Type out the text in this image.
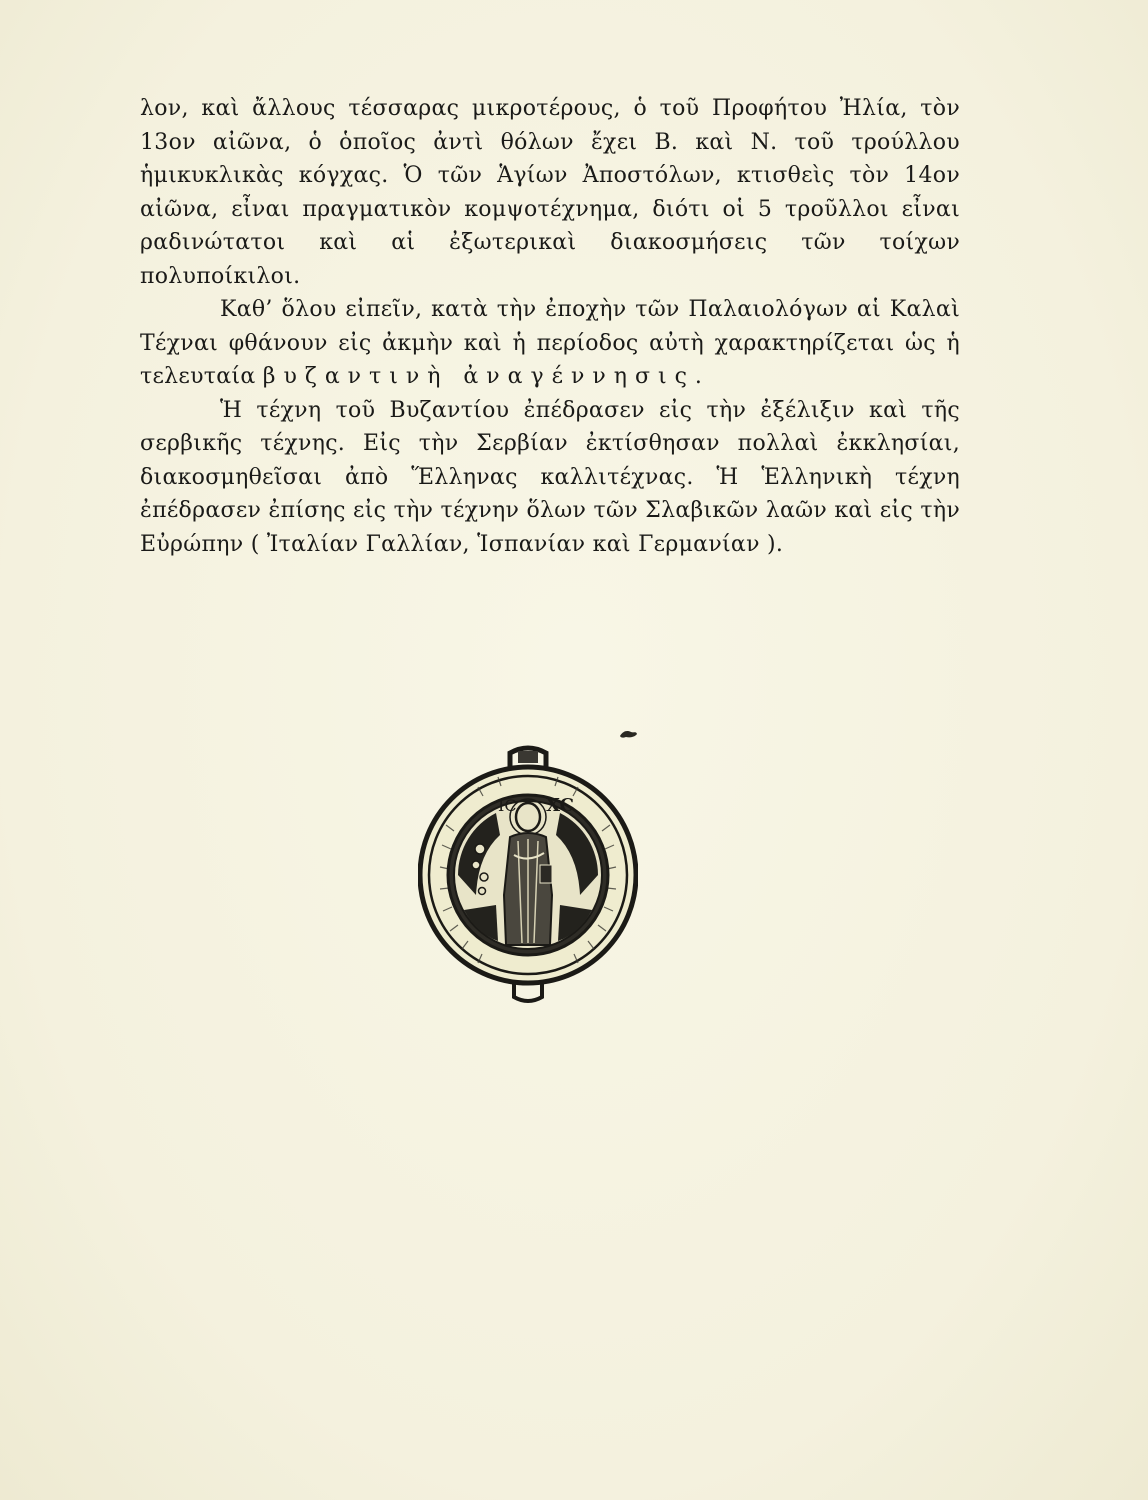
λον, καὶ ἄλλους τέσσαρας μικροτέρους, ὁ τοῦ Προφήτου Ἠλία, τὸν 13ον αἰῶνα, ὁ ὁποῖος ἀντὶ θόλων ἔχει Β. καὶ Ν. τοῦ τρούλλου ἡμικυκλικὰς κόγχας. Ὁ τῶν Ἁγίων Ἀποστόλων, κτισθεὶς τὸν 14ον αἰῶνα, εἶναι πραγματικὸν κομψοτέχνημα, διότι οἱ 5 τροῦλλοι εἶναι ραδινώτατοι καὶ αἱ ἐξωτερικαὶ διακοσμήσεις τῶν τοίχων πολυποίκιλοι.

Καθ’ ὅλου εἰπεῖν, κατὰ τὴν ἐποχὴν τῶν Παλαιολόγων αἱ Καλαὶ Τέχναι φθάνουν εἰς ἀκμὴν καὶ ἡ περίοδος αὐτὴ χαρακτηρίζεται ὡς ἡ τελευταία βυζαντινὴ ἀναγέννησις.

Ἡ τέχνη τοῦ Βυζαντίου ἐπέδρασεν εἰς τὴν ἐξέλιξιν καὶ τῆς σερβικῆς τέχνης. Εἰς τὴν Σερβίαν ἐκτίσθησαν πολλαὶ ἐκκλησίαι, διακοσμηθεῖσαι ἀπὸ Ἕλληνας καλλιτέχνας. Ἡ Ἑλληνικὴ τέχνη ἐπέδρασεν ἐπίσης εἰς τὴν τέχνην ὅλων τῶν Σλαβικῶν λαῶν καὶ εἰς τὴν Εὐρώπην ( Ἰταλίαν Γαλλίαν, Ἱσπανίαν καὶ Γερμανίαν ).

IC XC
